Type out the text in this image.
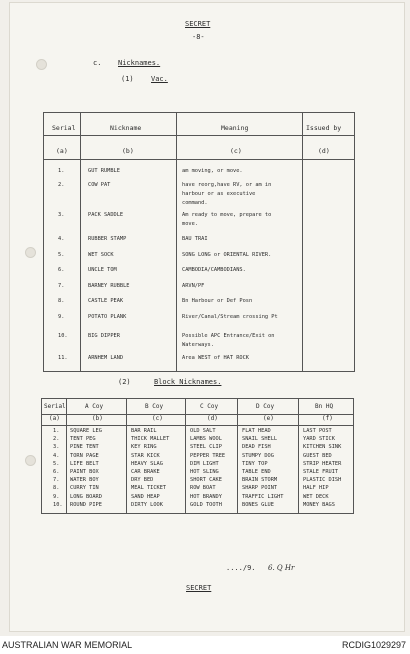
SECRET
-8-
c. Nicknames.
(1) Vac.
Serial	Nickname	Meaning	Issued by
(a)	(b)	(c)	(d)
1.	GUT RUMBLE	am moving, or move.
2.	COW PAT	have reorg,have RV, or am in
harbour or as executive
command.
3.	PACK SADDLE	Am ready to move, prepare to
move.
4.	RUBBER STAMP	BAU TRAI
5.	WET SOCK	SONG LONG or ORIENTAL RIVER.
6.	UNCLE TOM	CAMBODIA/CAMBODIANS.
7.	BARNEY RUBBLE	ARVN/PF
8.	CASTLE PEAK	Bn Harbour or Def Posn
9.	POTATO PLANK	River/Canal/Stream crossing Pt
10.	BIG DIPPER	Possible APC Entrance/Exit on
Waterways.
11.	ARNHEM LAND	Area WEST of HAT ROCK
(2)	Block Nicknames.
Serial	A Coy	B Coy	C Coy	D Coy	Bn HQ
(a)	(b)	(c)	(d)	(e)	(f)
1. SQUARE LEG	BAR RAIL	OLD SALT	FLAT HEAD	LAST POST
2. TENT PEG	THICK MALLET	LAMBS WOOL	SNAIL SHELL	YARD STICK
3. PINE TENT	KEY RING	STEEL CLIP	DEAD FISH	KITCHEN SINK
4. TORN PAGE	STAR KICK	PEPPER TREE	STUMPY DOG	GUEST BED
5. LIFE BELT	HEAVY SLAG	DIM LIGHT	TINY TOP	STRIP HEATER
6. PAINT BOX	CAR BRAKE	HOT SLING	TABLE END	STALE FRUIT
7. WATER BOY	DRY BED	SHORT CAKE	BRAIN STORM	PLASTIC DISH
8. CURRY TIN	MEAL TICKET	ROW BOAT	SHARP POINT	HALF HIP
9. LONG BOARD	SAND HEAP	HOT BRANDY	TRAFFIC LIGHT	WET DECK
10. ROUND PIPE	DIRTY LOOK	GOLD TOOTH	BONES GLUE	MONEY BAGS
..../9. 6. Q Hr
SECRET
AUSTRALIAN WAR MEMORIAL	RCDIG1029297
